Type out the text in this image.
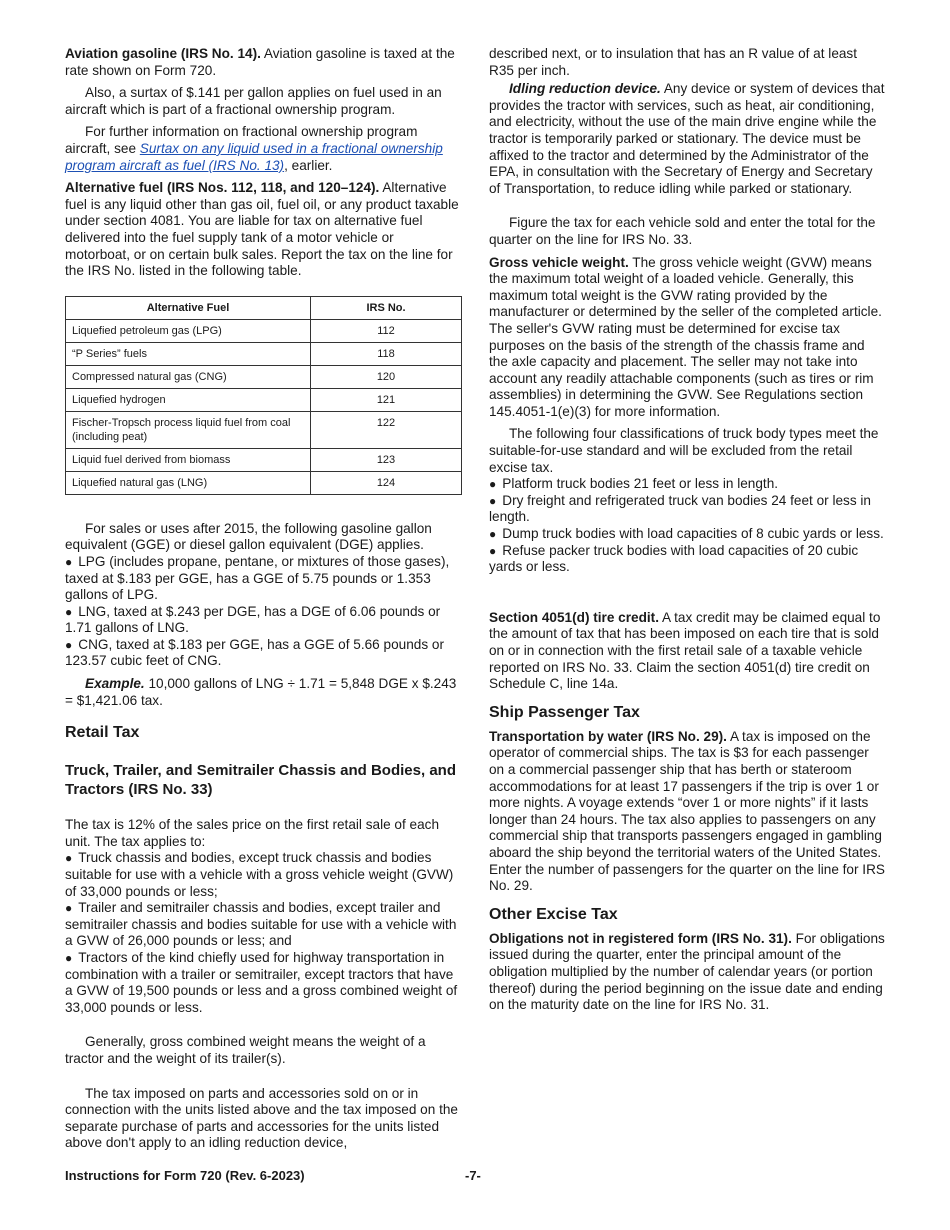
Aviation gasoline (IRS No. 14). Aviation gasoline is taxed at the rate shown on Form 720.

Also, a surtax of $.141 per gallon applies on fuel used in an aircraft which is part of a fractional ownership program.

For further information on fractional ownership program aircraft, see Surtax on any liquid used in a fractional ownership program aircraft as fuel (IRS No. 13), earlier.

Alternative fuel (IRS Nos. 112, 118, and 120–124). Alternative fuel is any liquid other than gas oil, fuel oil, or any product taxable under section 4081. You are liable for tax on alternative fuel delivered into the fuel supply tank of a motor vehicle or motorboat, or on certain bulk sales. Report the tax on the line for the IRS No. listed in the following table.

Alternative Fuel	IRS No.
Liquefied petroleum gas (LPG)	112
“P Series” fuels	118
Compressed natural gas (CNG)	120
Liquefied hydrogen	121
Fischer-Tropsch process liquid fuel from coal (including peat)	122
Liquid fuel derived from biomass	123
Liquefied natural gas (LNG)	124

For sales or uses after 2015, the following gasoline gallon equivalent (GGE) or diesel gallon equivalent (DGE) applies.

● LPG (includes propane, pentane, or mixtures of those gases), taxed at $.183 per GGE, has a GGE of 5.75 pounds or 1.353 gallons of LPG.

● LNG, taxed at $.243 per DGE, has a DGE of 6.06 pounds or 1.71 gallons of LNG.

● CNG, taxed at $.183 per GGE, has a GGE of 5.66 pounds or 123.57 cubic feet of CNG.

Example. 10,000 gallons of LNG ÷ 1.71 = 5,848 DGE x $.243 = $1,421.06 tax.

Retail Tax
Truck, Trailer, and Semitrailer Chassis and Bodies, and Tractors (IRS No. 33)

The tax is 12% of the sales price on the first retail sale of each unit. The tax applies to:

● Truck chassis and bodies, except truck chassis and bodies suitable for use with a vehicle with a gross vehicle weight (GVW) of 33,000 pounds or less;

● Trailer and semitrailer chassis and bodies, except trailer and semitrailer chassis and bodies suitable for use with a vehicle with a GVW of 26,000 pounds or less; and

● Tractors of the kind chiefly used for highway transportation in combination with a trailer or semitrailer, except tractors that have a GVW of 19,500 pounds or less and a gross combined weight of 33,000 pounds or less.

Generally, gross combined weight means the weight of a tractor and the weight of its trailer(s).

The tax imposed on parts and accessories sold on or in connection with the units listed above and the tax imposed on the separate purchase of parts and accessories for the units listed above don't apply to an idling reduction device,

described next, or to insulation that has an R value of at least R35 per inch.

Idling reduction device. Any device or system of devices that provides the tractor with services, such as heat, air conditioning, and electricity, without the use of the main drive engine while the tractor is temporarily parked or stationary. The device must be affixed to the tractor and determined by the Administrator of the EPA, in consultation with the Secretary of Energy and Secretary of Transportation, to reduce idling while parked or stationary.

Figure the tax for each vehicle sold and enter the total for the quarter on the line for IRS No. 33.

Gross vehicle weight. The gross vehicle weight (GVW) means the maximum total weight of a loaded vehicle. Generally, this maximum total weight is the GVW rating provided by the manufacturer or determined by the seller of the completed article. The seller's GVW rating must be determined for excise tax purposes on the basis of the strength of the chassis frame and the axle capacity and placement. The seller may not take into account any readily attachable components (such as tires or rim assemblies) in determining the GVW. See Regulations section 145.4051-1(e)(3) for more information.

The following four classifications of truck body types meet the suitable-for-use standard and will be excluded from the retail excise tax.

● Platform truck bodies 21 feet or less in length.

● Dry freight and refrigerated truck van bodies 24 feet or less in length.

● Dump truck bodies with load capacities of 8 cubic yards or less.

● Refuse packer truck bodies with load capacities of 20 cubic yards or less.

Section 4051(d) tire credit. A tax credit may be claimed equal to the amount of tax that has been imposed on each tire that is sold on or in connection with the first retail sale of a taxable vehicle reported on IRS No. 33. Claim the section 4051(d) tire credit on Schedule C, line 14a.

Ship Passenger Tax

Transportation by water (IRS No. 29). A tax is imposed on the operator of commercial ships. The tax is $3 for each passenger on a commercial passenger ship that has berth or stateroom accommodations for at least 17 passengers if the trip is over 1 or more nights. A voyage extends “over 1 or more nights” if it lasts longer than 24 hours. The tax also applies to passengers on any commercial ship that transports passengers engaged in gambling aboard the ship beyond the territorial waters of the United States. Enter the number of passengers for the quarter on the line for IRS No. 29.

Other Excise Tax

Obligations not in registered form (IRS No. 31). For obligations issued during the quarter, enter the principal amount of the obligation multiplied by the number of calendar years (or portion thereof) during the period beginning on the issue date and ending on the maturity date on the line for IRS No. 31.

Instructions for Form 720 (Rev. 6-2023)	-7-
